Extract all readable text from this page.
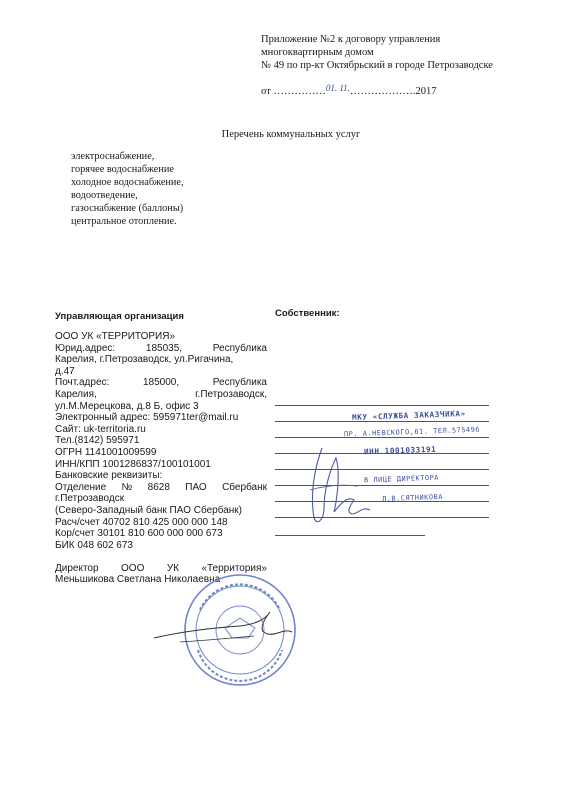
Приложение №2 к договору управления
многоквартирным домом
№ 49 по пр-кт Октябрьский в городе Петрозаводске
от ……………01. 11.……………….2017
Перечень коммунальных услуг
электроснабжение,
горячее водоснабжение
холодное водоснабжение,
водоотведение,
газоснабжение (баллоны)
центральное отопление.
Управляющая организация	Собственник:
ООО УК «ТЕРРИТОРИЯ»
Юрид.адрес:	185035,	Республика
Карелия, г.Петрозаводск, ул.Ригачина,
д.47
Почт.адрес:	185000,	Республика
Карелия,	г.Петрозаводск,
ул.М.Мерецкова, д.8 Б, офис 3
Электронный адрес: 595971ter@mail.ru
Сайт: uk-territoria.ru
Тел.(8142) 595971
ОГРН 1141001009599
ИНН/КПП 1001286837/100101001
Банковские реквизиты:
Отделение № 8628 ПАО Сбербанк
г.Петрозаводск
(Северо-Западный банк ПАО Сбербанк)
Расч/счет 40702 810 425 000 000 148
Кор/счет 30101 810 600 000 000 673
БИК 048 602 673
Директор ООО УК «Территория»
Меньшикова Светлана Николаевна
МКУ «СЛУЖБА ЗАКАЗЧИКА»
ПР. А.НЕВСКОГО,61. ТЕЛ.575496
ИНН 1001033191
В ЛИЦЕ ДИРЕКТОРА
Л.В.СЯТНИКОВА
